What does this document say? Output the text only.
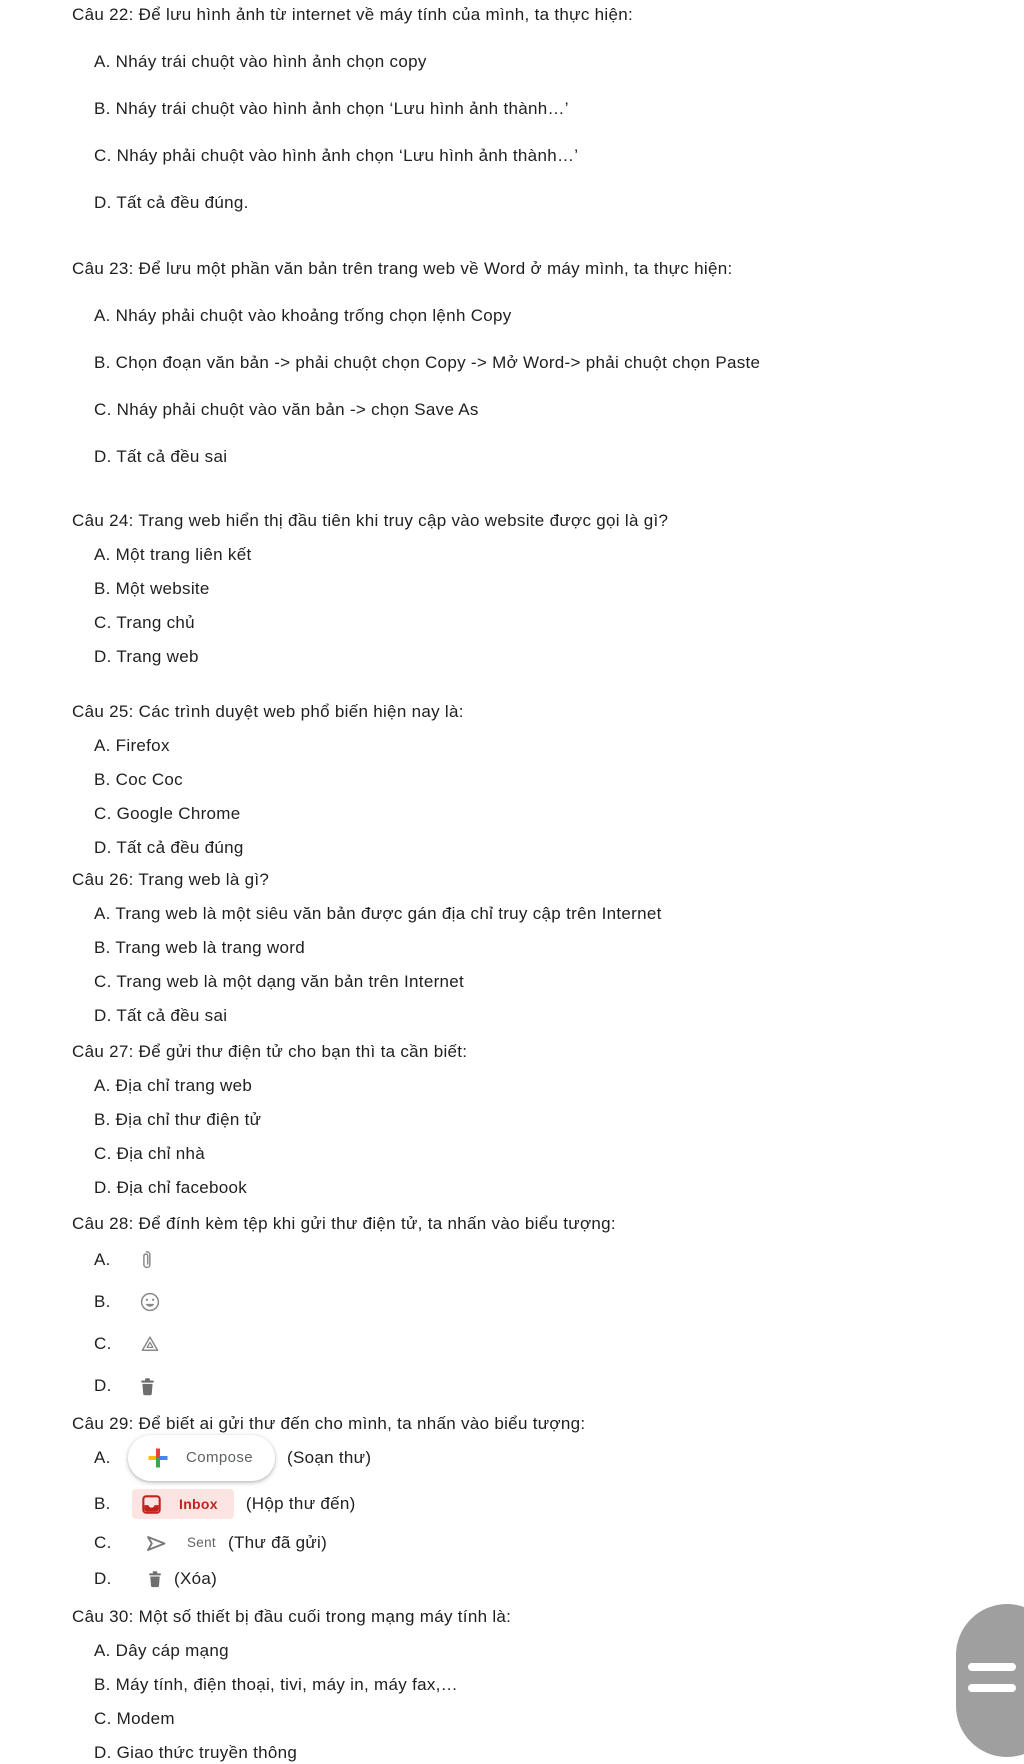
Câu 22: Để lưu hình ảnh từ internet về máy tính của mình, ta thực hiện:
A. Nháy trái chuột vào hình ảnh chọn copy
B. Nháy trái chuột vào hình ảnh chọn ‘Lưu hình ảnh thành…’
C. Nháy phải chuột vào hình ảnh chọn ‘Lưu hình ảnh thành…’
D. Tất cả đều đúng.
Câu 23: Để lưu một phần văn bản trên trang web về Word ở máy mình, ta thực hiện:
A. Nháy phải chuột vào khoảng trống chọn lệnh Copy
B. Chọn đoạn văn bản -> phải chuột chọn Copy -> Mở Word-> phải chuột chọn Paste
C. Nháy phải chuột vào văn bản -> chọn Save As
D. Tất cả đều sai
Câu 24: Trang web hiển thị đầu tiên khi truy cập vào website được gọi là gì?
A. Một trang liên kết
B. Một website
C. Trang chủ
D. Trang web
Câu 25: Các trình duyệt web phổ biến hiện nay là:
A. Firefox
B. Coc Coc
C. Google Chrome
D. Tất cả đều đúng
Câu 26: Trang web là gì?
A. Trang web là một siêu văn bản được gán địa chỉ truy cập trên Internet
B. Trang web là trang word
C. Trang web là một dạng văn bản trên Internet
D. Tất cả đều sai
Câu 27: Để gửi thư điện tử cho bạn thì ta cần biết:
A. Địa chỉ trang web
B. Địa chỉ thư điện tử
C. Địa chỉ nhà
D. Địa chỉ facebook
Câu 28: Để đính kèm tệp khi gửi thư điện tử, ta nhấn vào biểu tượng:
A.
B.
C.
D.
Câu 29: Để biết ai gửi thư đến cho mình, ta nhấn vào biểu tượng:
A.	Compose (Soạn thư)
B.	Inbox (Hộp thư đến)
C.	Sent (Thư đã gửi)
D.	(Xóa)
Câu 30: Một số thiết bị đầu cuối trong mạng máy tính là:
A. Dây cáp mạng
B. Máy tính, điện thoại, tivi, máy in, máy fax,…
C. Modem
D. Giao thức truyền thông
